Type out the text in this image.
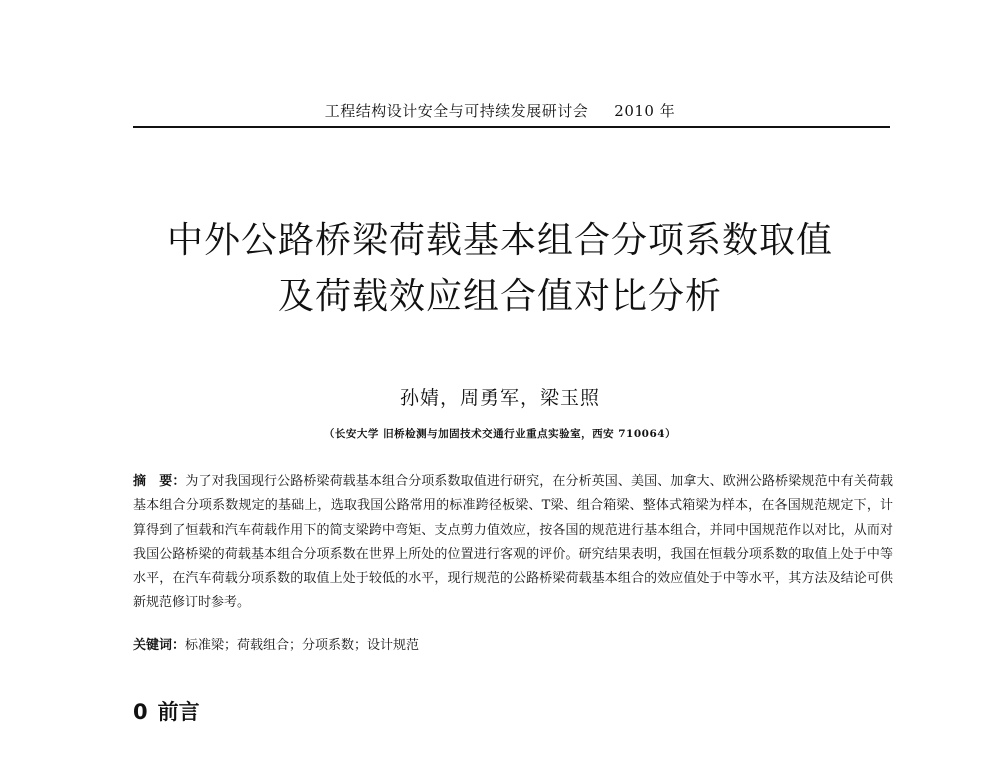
工程结构设计安全与可持续发展研讨会 2010 年
中外公路桥梁荷载基本组合分项系数取值
及荷载效应组合值对比分析
孙婧，周勇军，梁玉照
（长安大学 旧桥检测与加固技术交通行业重点实验室，西安 710064）
摘　要：为了对我国现行公路桥梁荷载基本组合分项系数取值进行研究，在分析英国、美国、加拿大、欧洲公路桥梁规范中有关荷载基本组合分项系数规定的基础上，选取我国公路常用的标准跨径板梁、T梁、组合箱梁、整体式箱梁为样本，在各国规范规定下，计算得到了恒载和汽车荷载作用下的简支梁跨中弯矩、支点剪力值效应，按各国的规范进行基本组合，并同中国规范作以对比，从而对我国公路桥梁的荷载基本组合分项系数在世界上所处的位置进行客观的评价。研究结果表明，我国在恒载分项系数的取值上处于中等水平，在汽车荷载分项系数的取值上处于较低的水平，现行规范的公路桥梁荷载基本组合的效应值处于中等水平，其方法及结论可供新规范修订时参考。
关键词：标准梁；荷载组合；分项系数；设计规范
0 前言
